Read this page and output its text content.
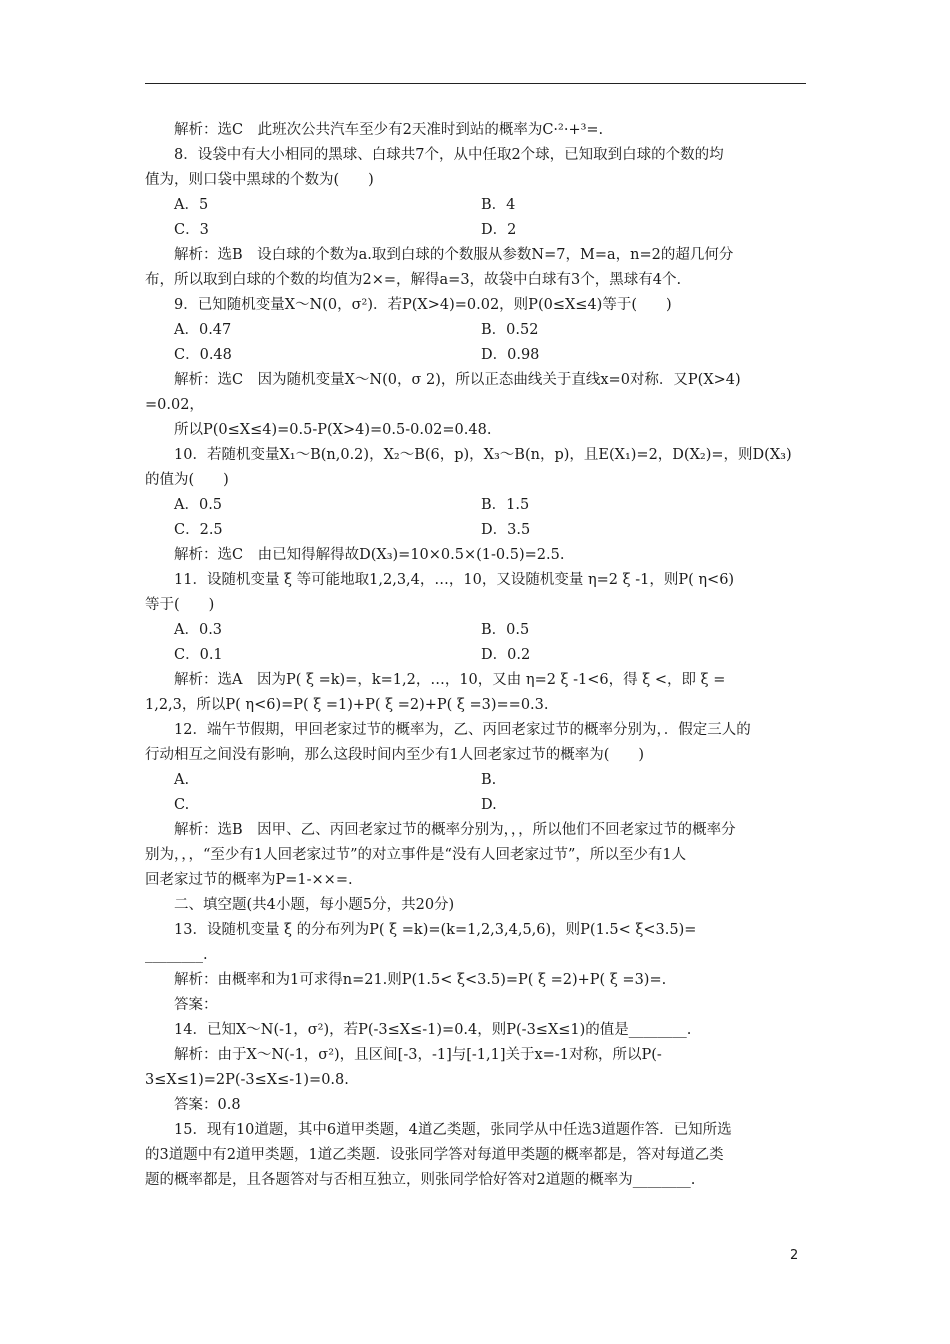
解析：选C　此班次公共汽车至少有2天准时到站的概率为C·²·+³=.

8．设袋中有大小相同的黑球、白球共7个，从中任取2个球，已知取到白球的个数的均

值为，则口袋中黑球的个数为(　　)

A．5	B．4
C．3	D．2

解析：选B　设白球的个数为a.取到白球的个数服从参数N=7，M=a，n=2的超几何分

布，所以取到白球的个数的均值为2×=，解得a=3，故袋中白球有3个，黑球有4个.

9．已知随机变量X～N(0，σ²)．若P(X>4)=0.02，则P(0≤X≤4)等于(　　)

A．0.47	B．0.52
C．0.48	D．0.98

解析：选C　因为随机变量X～N(0，σ 2)，所以正态曲线关于直线x=0对称．又P(X>4)

=0.02，

所以P(0≤X≤4)=0.5-P(X>4)=0.5-0.02=0.48.

10．若随机变量X₁～B(n,0.2)，X₂～B(6，p)，X₃～B(n，p)，且E(X₁)=2，D(X₂)=，则D(X₃)

的值为(　　)

A．0.5	B．1.5
C．2.5	D．3.5

解析：选C　由已知得解得故D(X₃)=10×0.5×(1-0.5)=2.5.

11．设随机变量 ξ 等可能地取1,2,3,4，…，10，又设随机变量 η=2 ξ -1，则P( η<6)

等于(　　)

A．0.3	B．0.5
C．0.1	D．0.2

解析：选A　因为P( ξ =k)=，k=1,2，…，10，又由 η=2 ξ -1<6，得 ξ <，即 ξ =

1,2,3，所以P( η<6)=P( ξ =1)+P( ξ =2)+P( ξ =3)==0.3.

12．端午节假期，甲回老家过节的概率为，乙、丙回老家过节的概率分别为，．假定三人的

行动相互之间没有影响，那么这段时间内至少有1人回老家过节的概率为(　　)

A.	B.
C.	D.

解析：选B　因甲、乙、丙回老家过节的概率分别为，，，所以他们不回老家过节的概率分

别为，，，“至少有1人回老家过节”的对立事件是“没有人回老家过节”，所以至少有1人

回老家过节的概率为P=1-××=.

二、填空题(共4小题，每小题5分，共20分)

13．设随机变量 ξ 的分布列为P( ξ =k)=(k=1,2,3,4,5,6)，则P(1.5< ξ<3.5)=

________.

解析：由概率和为1可求得n=21.则P(1.5< ξ<3.5)=P( ξ =2)+P( ξ =3)=.

答案：

14．已知X～N(-1，σ²)，若P(-3≤X≤-1)=0.4，则P(-3≤X≤1)的值是________.

解析：由于X～N(-1，σ²)，且区间[-3，-1]与[-1,1]关于x=-1对称，所以P(-

3≤X≤1)=2P(-3≤X≤-1)=0.8.

答案：0.8

15．现有10道题，其中6道甲类题，4道乙类题，张同学从中任选3道题作答．已知所选

的3道题中有2道甲类题，1道乙类题．设张同学答对每道甲类题的概率都是，答对每道乙类

题的概率都是，且各题答对与否相互独立，则张同学恰好答对2道题的概率为________.

2
